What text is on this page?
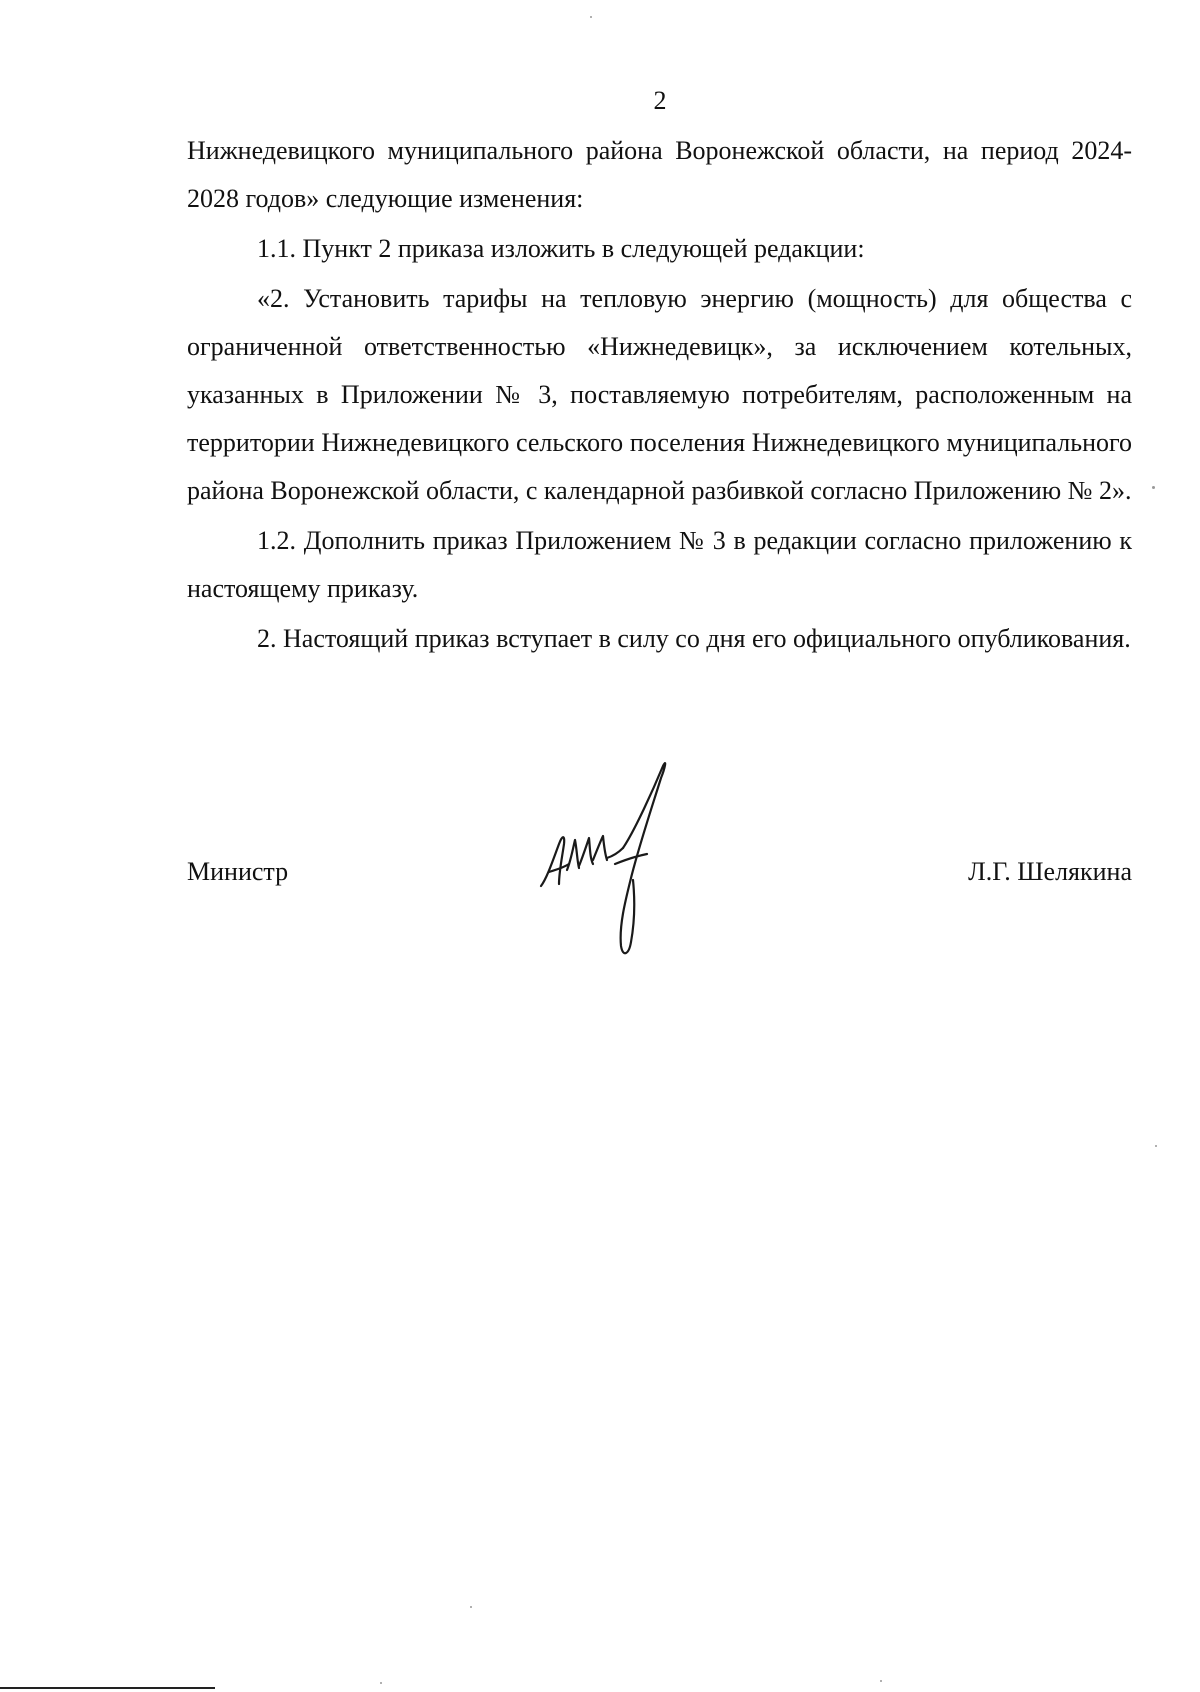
2

Нижнедевицкого муниципального района Воронежской области, на период 2024-2028 годов» следующие изменения:

1.1. Пункт 2 приказа изложить в следующей редакции:

«2. Установить тарифы на тепловую энергию (мощность) для общества с ограниченной ответственностью «Нижнедевицк», за исключением котельных, указанных в Приложении № 3, поставляемую потребителям, расположенным на территории Нижнедевицкого сельского поселения Нижнедевицкого муниципального района Воронежской области, с календарной разбивкой согласно Приложению № 2».

1.2. Дополнить приказ Приложением № 3 в редакции согласно приложению к настоящему приказу.

2. Настоящий приказ вступает в силу со дня его официального опубликования.

Министр	Л.Г. Шелякина
